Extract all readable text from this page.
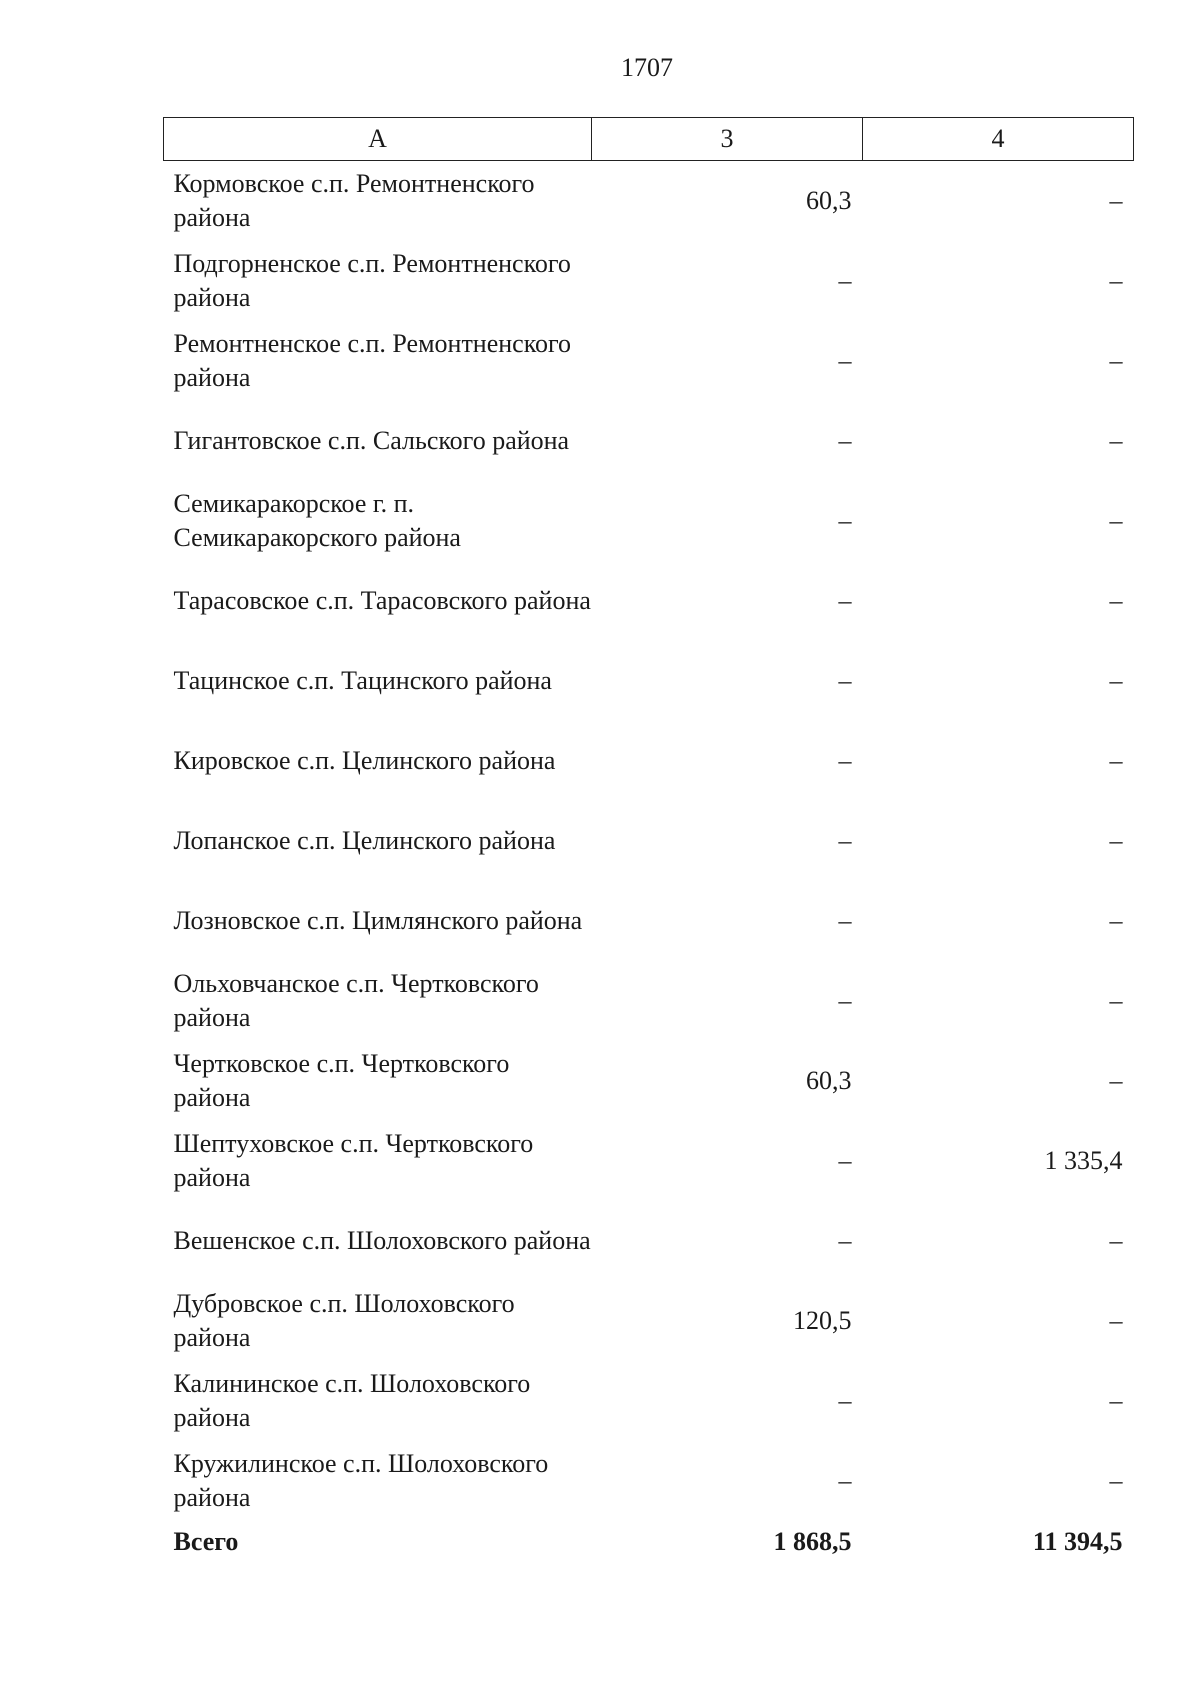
1707
А	3	4
Кормовское с.п. Ремонтненского района	60,3	–
Подгорненское с.п. Ремонтненского района	–	–
Ремонтненское с.п. Ремонтненского района	–	–
Гигантовское с.п. Сальского района	–	–
Семикаракорское г. п. Семикаракорского района	–	–
Тарасовское с.п. Тарасовского района	–	–
Тацинское с.п. Тацинского района	–	–
Кировское с.п. Целинского района	–	–
Лопанское с.п. Целинского района	–	–
Лозновское с.п. Цимлянского района	–	–
Ольховчанское с.п. Чертковского района	–	–
Чертковское с.п. Чертковского района	60,3	–
Шептуховское с.п. Чертковского района	–	1 335,4
Вешенское с.п. Шолоховского района	–	–
Дубровское с.п. Шолоховского района	120,5	–
Калининское с.п. Шолоховского района	–	–
Кружилинское с.п. Шолоховского района	–	–
Всего	1 868,5	11 394,5
